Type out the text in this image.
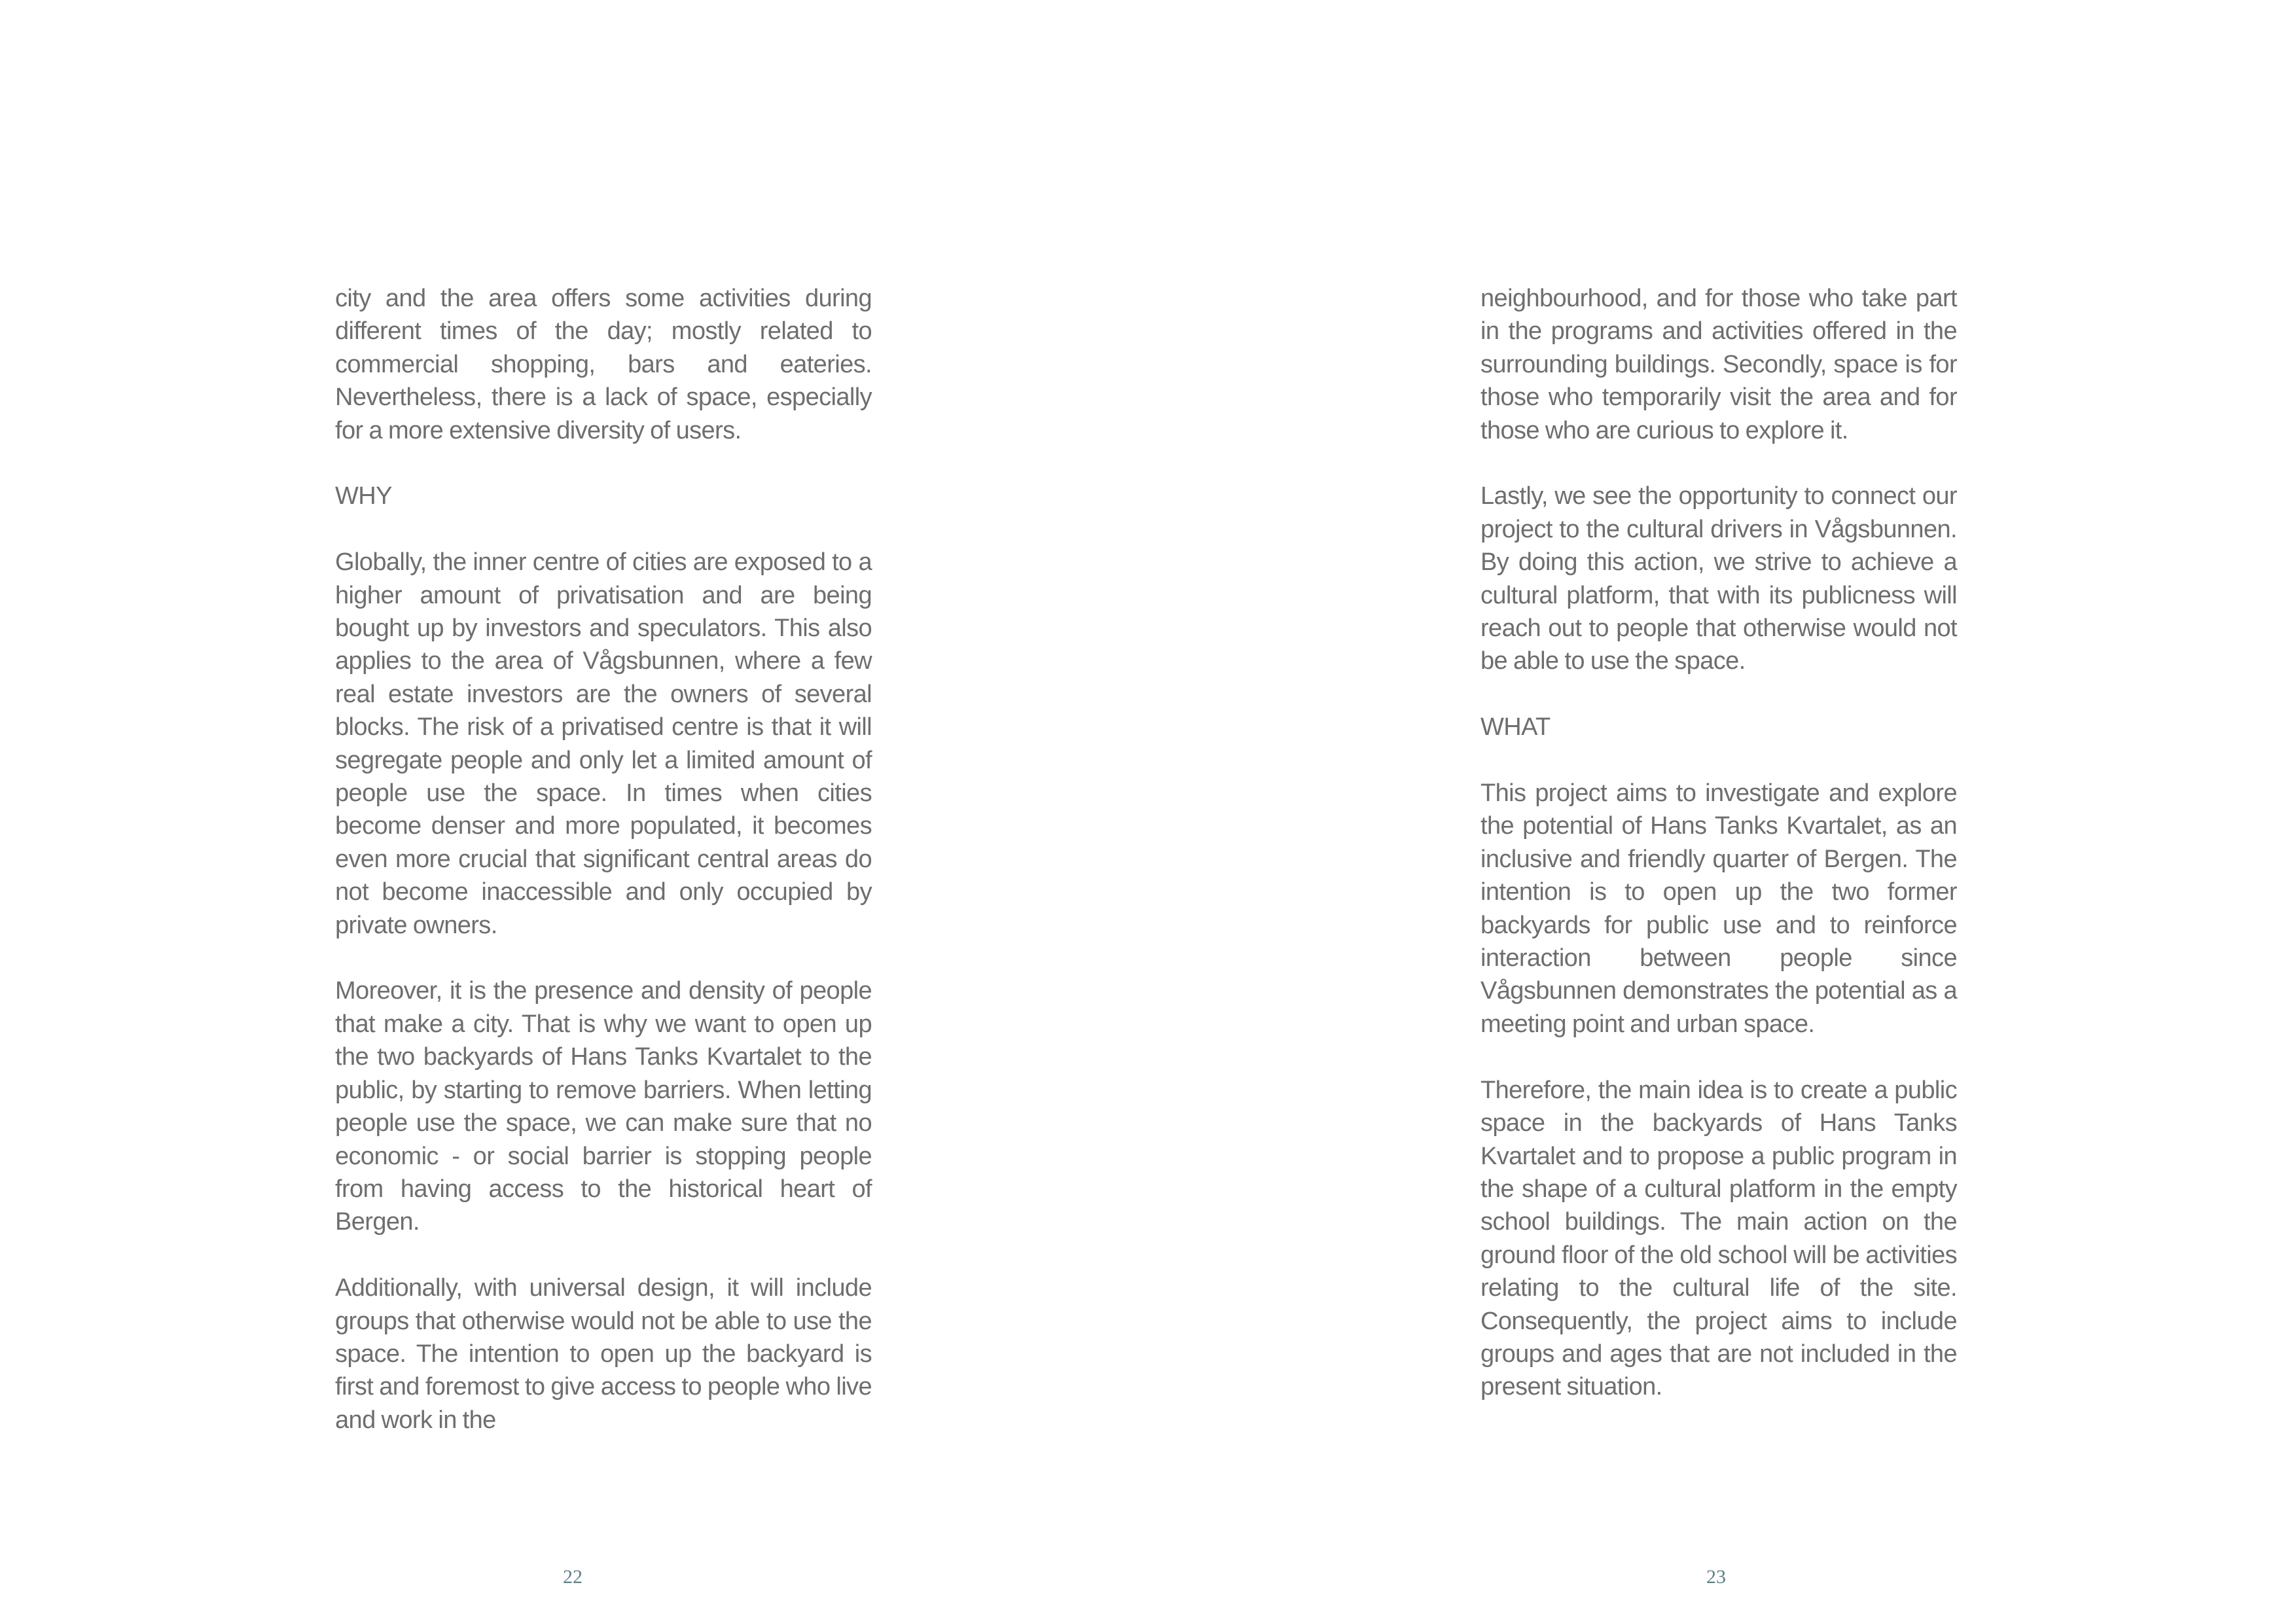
city and the area offers some activities during different times of the day; mostly related to commercial shopping, bars and eateries. Nevertheless, there is a lack of space, especially for a more extensive diversity of users.

WHY

Globally, the inner centre of cities are exposed to a higher amount of privatisation and are being bought up by investors and speculators. This also applies to the area of Vågsbunnen, where a few real estate investors are the owners of several blocks. The risk of a privatised centre is that it will segregate people and only let a limited amount of people use the space. In times when cities become denser and more populated, it becomes even more crucial that significant central areas do not become inaccessible and only occupied by private owners.

Moreover, it is the presence and density of people that make a city. That is why we want to open up the two backyards of Hans Tanks Kvartalet to the public, by starting to remove barriers. When letting people use the space, we can make sure that no economic - or social barrier is stopping people from having access to the historical heart of Bergen.

Additionally, with universal design, it will include groups that otherwise would not be able to use the space. The intention to open up the backyard is first and foremost to give access to people who live and work in the

22

neighbourhood, and for those who take part in the programs and activities offered in the surrounding buildings. Secondly, space is for those who temporarily visit the area and for those who are curious to explore it.

Lastly, we see the opportunity to connect our project to the cultural drivers in Vågsbunnen. By doing this action, we strive to achieve a cultural platform, that with its publicness will reach out to people that otherwise would not be able to use the space.

WHAT

This project aims to investigate and explore the potential of Hans Tanks Kvartalet, as an inclusive and friendly quarter of Bergen. The intention is to open up the two former backyards for public use and to reinforce interaction between people since Vågsbunnen demonstrates the potential as a meeting point and urban space.

Therefore, the main idea is to create a public space in the backyards of Hans Tanks Kvartalet and to propose a public program in the shape of a cultural platform in the empty school buildings. The main action on the ground floor of the old school will be activities relating to the cultural life of the site. Consequently, the project aims to include groups and ages that are not included in the present situation.

23
